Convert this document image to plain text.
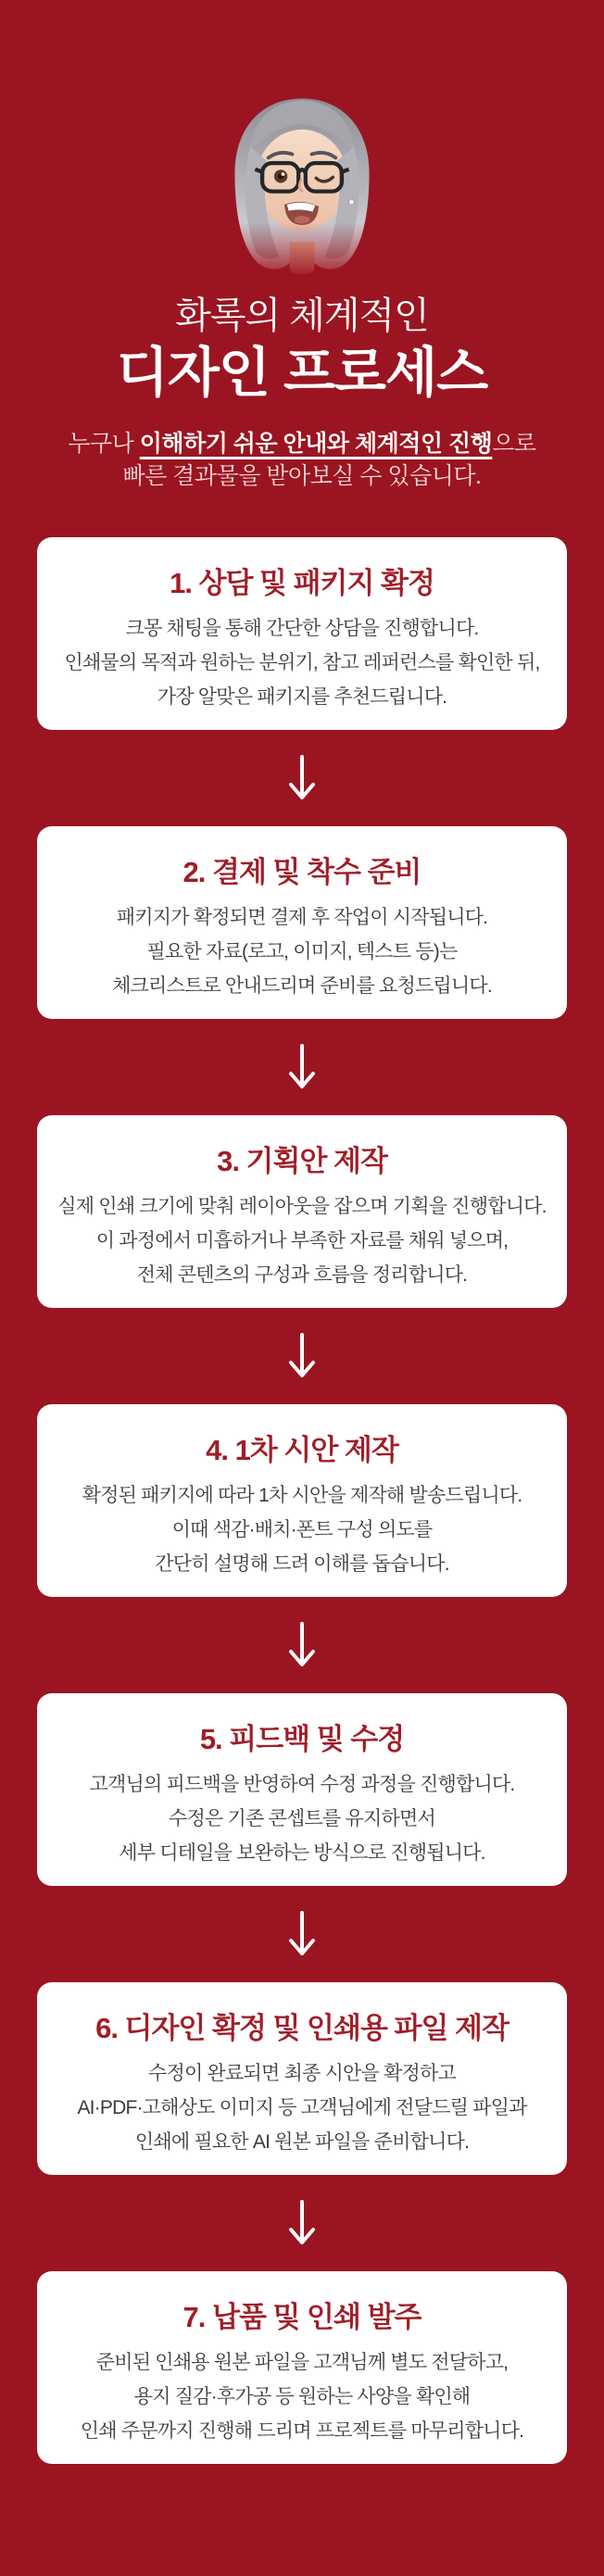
화록의 체계적인
디자인 프로세스

누구나 이해하기 쉬운 안내와 체계적인 진행으로
빠른 결과물을 받아보실 수 있습니다.

1. 상담 및 패키지 확정

크몽 채팅을 통해 간단한 상담을 진행합니다.

인쇄물의 목적과 원하는 분위기, 참고 레퍼런스를 확인한 뒤,

가장 알맞은 패키지를 추천드립니다.

2. 결제 및 착수 준비

패키지가 확정되면 결제 후 작업이 시작됩니다.

필요한 자료(로고, 이미지, 텍스트 등)는

체크리스트로 안내드리며 준비를 요청드립니다.

3. 기획안 제작

실제 인쇄 크기에 맞춰 레이아웃을 잡으며 기획을 진행합니다.

이 과정에서 미흡하거나 부족한 자료를 채워 넣으며,

전체 콘텐츠의 구성과 흐름을 정리합니다.

4. 1차 시안 제작

확정된 패키지에 따라 1차 시안을 제작해 발송드립니다.

이때 색감·배치·폰트 구성 의도를

간단히 설명해 드려 이해를 돕습니다.

5. 피드백 및 수정

고객님의 피드백을 반영하여 수정 과정을 진행합니다.

수정은 기존 콘셉트를 유지하면서

세부 디테일을 보완하는 방식으로 진행됩니다.

6. 디자인 확정 및 인쇄용 파일 제작

수정이 완료되면 최종 시안을 확정하고

AI·PDF·고해상도 이미지 등 고객님에게 전달드릴 파일과

인쇄에 필요한 AI 원본 파일을 준비합니다.

7. 납품 및 인쇄 발주

준비된 인쇄용 원본 파일을 고객님께 별도 전달하고,

용지 질감·후가공 등 원하는 사양을 확인해

인쇄 주문까지 진행해 드리며 프로젝트를 마무리합니다.
